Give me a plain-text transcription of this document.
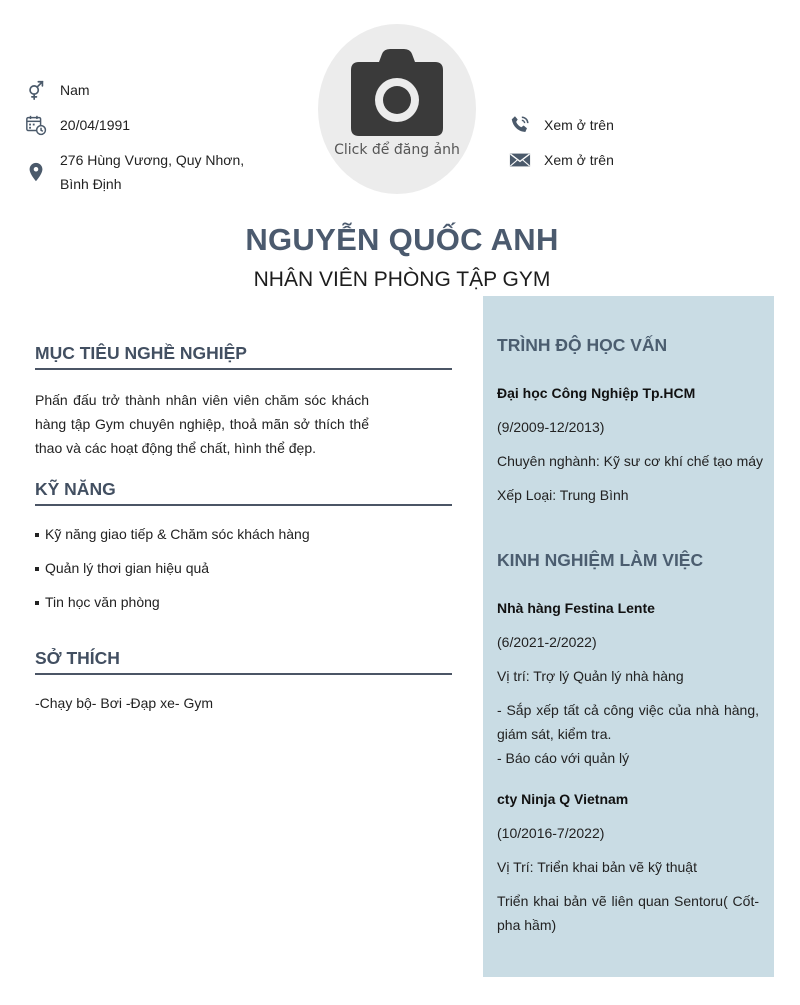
Nam
20/04/1991
276 Hùng Vương, Quy Nhơn, Bình Định
Click để đăng ảnh
Xem ở trên
Xem ở trên
NGUYỄN QUỐC ANH
NHÂN VIÊN PHÒNG TẬP GYM
MỤC TIÊU NGHỀ NGHIỆP
Phấn đấu trở thành nhân viên viên chăm sóc khách hàng tập Gym chuyên nghiệp, thoả mãn sở thích thể thao và các hoạt động thể chất, hình thể đẹp.
KỸ NĂNG
Kỹ năng giao tiếp & Chăm sóc khách hàng
Quản lý thơi gian hiệu quả
Tin học văn phòng
SỞ THÍCH
-Chạy bộ- Bơi -Đạp xe- Gym
TRÌNH ĐỘ HỌC VẤN
Đại học Công Nghiệp Tp.HCM
(9/2009-12/2013)
Chuyên nghành: Kỹ sư cơ khí chế tạo máy
Xếp Loại: Trung Bình
KINH NGHIỆM LÀM VIỆC
Nhà hàng Festina Lente
(6/2021-2/2022)
Vị trí: Trợ lý Quản lý nhà hàng
- Sắp xếp tất cả công việc của nhà hàng, giám sát, kiểm tra.
- Báo cáo với quản lý
cty Ninja Q Vietnam
(10/2016-7/2022)
Vị Trí: Triển khai bản vẽ kỹ thuật
Triển khai bản vẽ liên quan Sentoru( Cốt-pha hầm)
